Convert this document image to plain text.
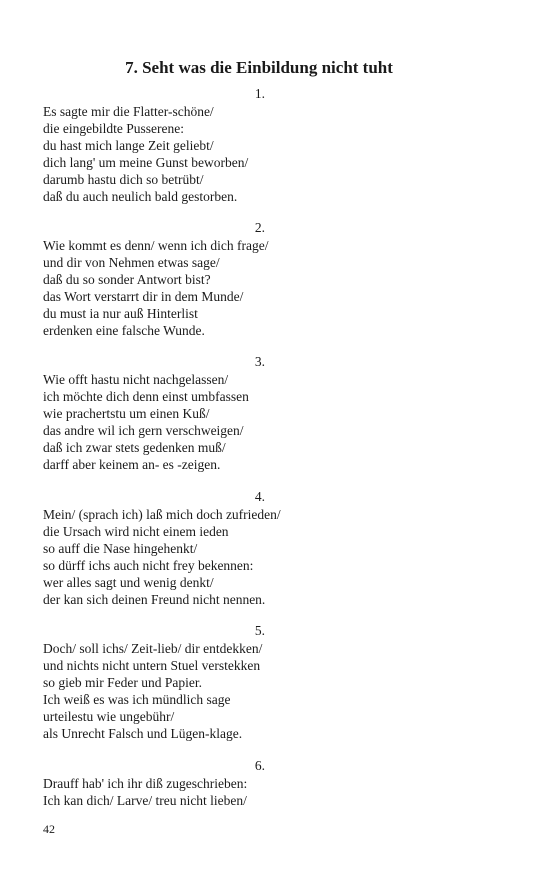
7. Seht was die Einbildung nicht tuht
1.
Es sagte mir die Flatter-schöne/
die eingebildte Pusserene:
du hast mich lange Zeit geliebt/
dich lang' um meine Gunst beworben/
darumb hastu dich so betrübt/
daß du auch neulich bald gestorben.
2.
Wie kommt es denn/ wenn ich dich frage/
und dir von Nehmen etwas sage/
daß du so sonder Antwort bist?
das Wort verstarrt dir in dem Munde/
du must ia nur auß Hinterlist
erdenken eine falsche Wunde.
3.
Wie offt hastu nicht nachgelassen/
ich möchte dich denn einst umbfassen
wie prachertstu um einen Kuß/
das andre wil ich gern verschweigen/
daß ich zwar stets gedenken muß/
darff aber keinem an- es -zeigen.
4.
Mein/ (sprach ich) laß mich doch zufrieden/
die Ursach wird nicht einem ieden
so auff die Nase hingehenkt/
so dürff ichs auch nicht frey bekennen:
wer alles sagt und wenig denkt/
der kan sich deinen Freund nicht nennen.
5.
Doch/ soll ichs/ Zeit-lieb/ dir entdekken/
und nichts nicht untern Stuel verstekken
so gieb mir Feder und Papier.
Ich weiß es was ich mündlich sage
urteilestu wie ungebühr/
als Unrecht Falsch und Lügen-klage.
6.
Drauff hab' ich ihr diß zugeschrieben:
Ich kan dich/ Larve/ treu nicht lieben/
42
